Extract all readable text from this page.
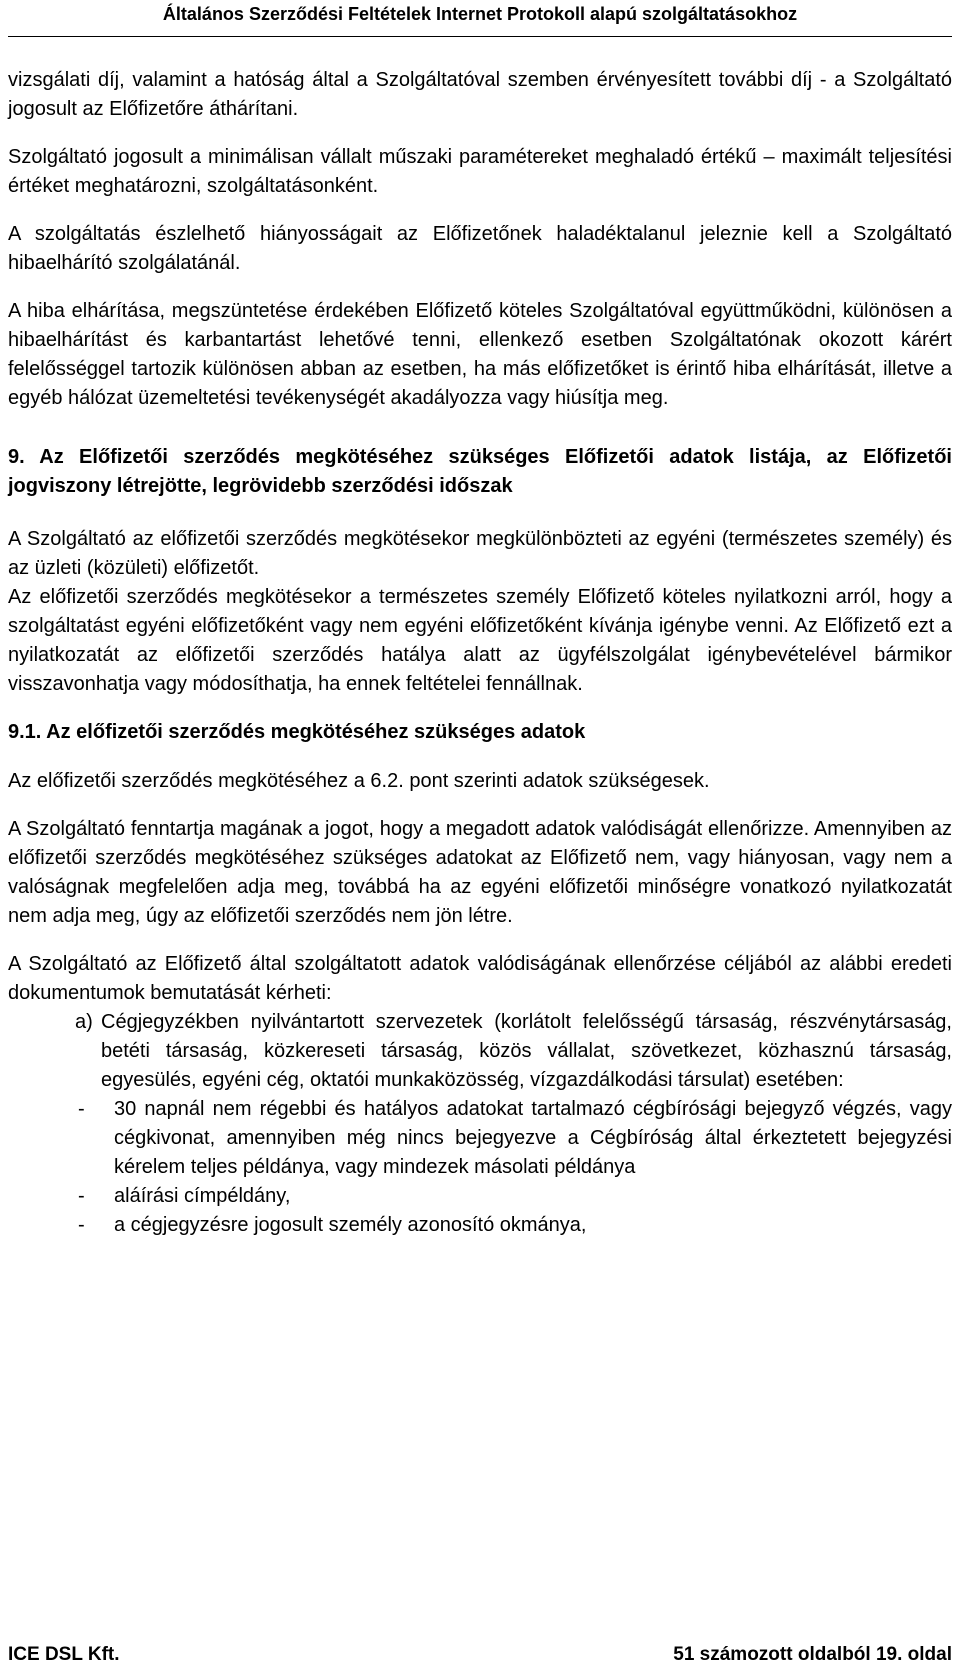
Általános Szerződési Feltételek Internet Protokoll alapú szolgáltatásokhoz

vizsgálati díj, valamint a hatóság által a Szolgáltatóval szemben érvényesített további díj - a Szolgáltató jogosult az Előfizetőre áthárítani.

Szolgáltató jogosult a minimálisan vállalt műszaki paramétereket meghaladó értékű – maximált teljesítési értéket meghatározni, szolgáltatásonként.

A szolgáltatás észlelhető hiányosságait az Előfizetőnek haladéktalanul jeleznie kell a Szolgáltató hibaelhárító szolgálatánál.

A hiba elhárítása, megszüntetése érdekében Előfizető köteles Szolgáltatóval együttműködni, különösen a hibaelhárítást és karbantartást lehetővé tenni, ellenkező esetben Szolgáltatónak okozott kárért felelősséggel tartozik különösen abban az esetben, ha más előfizetőket is érintő hiba elhárítását, illetve a egyéb hálózat üzemeltetési tevékenységét akadályozza vagy hiúsítja meg.

9. Az Előfizetői szerződés megkötéséhez szükséges Előfizetői adatok listája, az Előfizetői jogviszony létrejötte, legrövidebb szerződési időszak

A Szolgáltató az előfizetői szerződés megkötésekor megkülönbözteti az egyéni (természetes személy) és az üzleti (közületi) előfizetőt.

Az előfizetői szerződés megkötésekor a természetes személy Előfizető köteles nyilatkozni arról, hogy a szolgáltatást egyéni előfizetőként vagy nem egyéni előfizetőként kívánja igénybe venni. Az Előfizető ezt a nyilatkozatát az előfizetői szerződés hatálya alatt az ügyfélszolgálat igénybevételével bármikor visszavonhatja vagy módosíthatja, ha ennek feltételei fennállnak.

9.1. Az előfizetői szerződés megkötéséhez szükséges adatok

Az előfizetői szerződés megkötéséhez a 6.2. pont szerinti adatok szükségesek.

A Szolgáltató fenntartja magának a jogot, hogy a megadott adatok valódiságát ellenőrizze. Amennyiben az előfizetői szerződés megkötéséhez szükséges adatokat az Előfizető nem, vagy hiányosan, vagy nem a valóságnak megfelelően adja meg, továbbá ha az egyéni előfizetői minőségre vonatkozó nyilatkozatát nem adja meg, úgy az előfizetői szerződés nem jön létre.

A Szolgáltató az Előfizető által szolgáltatott adatok valódiságának ellenőrzése céljából az alábbi eredeti dokumentumok bemutatását kérheti:

a) Cégjegyzékben nyilvántartott szervezetek (korlátolt felelősségű társaság, részvénytársaság, betéti társaság, közkereseti társaság, közös vállalat, szövetkezet, közhasznú társaság, egyesülés, egyéni cég, oktatói munkaközösség, vízgazdálkodási társulat) esetében:
-	30 napnál nem régebbi és hatályos adatokat tartalmazó cégbírósági bejegyző végzés, vagy cégkivonat, amennyiben még nincs bejegyezve a Cégbíróság által érkeztetett bejegyzési kérelem teljes példánya, vagy mindezek másolati példánya
-	aláírási címpéldány,
-	a cégjegyzésre jogosult személy azonosító okmánya,
ICE DSL Kft.	51 számozott oldalból 19. oldal
